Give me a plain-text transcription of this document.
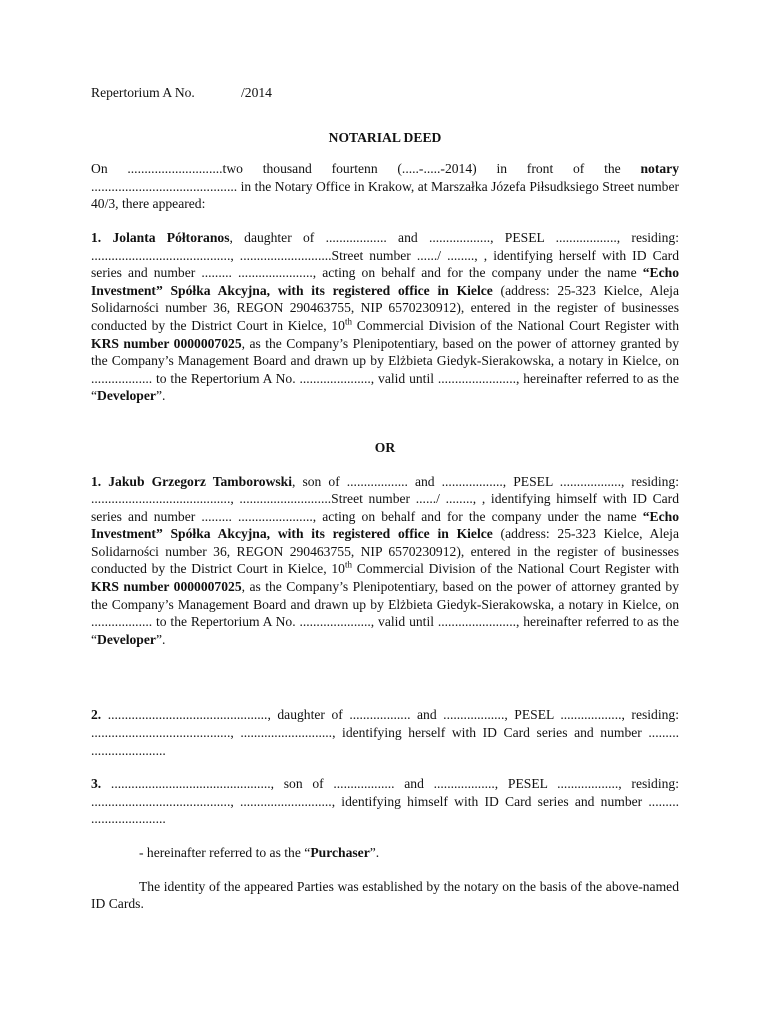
Repertorium A No.	/2014
NOTARIAL DEED

On ............................two thousand fourtenn (.....-.....-2014) in front of the notary ........................................... in the Notary Office in Krakow, at Marszałka Józefa Piłsudksiego Street number 40/3, there appeared:

1. Jolanta Półtoranos, daughter of .................. and .................., PESEL .................., residing: ........................................., ...........................Street number ....../ ........, , identifying herself with ID Card series and number ......... ......................, acting on behalf and for the company under the name “Echo Investment” Spółka Akcyjna, with its registered office in Kielce (address: 25-323 Kielce, Aleja Solidarności number 36, REGON 290463755, NIP 6570230912), entered in the register of businesses conducted by the District Court in Kielce, 10th Commercial Division of the National Court Register with KRS number 0000007025, as the Company’s Plenipotentiary, based on the power of attorney granted by the Company’s Management Board and drawn up by Elżbieta Giedyk-Sierakowska, a notary in Kielce, on .................. to the Repertorium A No. ....................., valid until ......................., hereinafter referred to as the “Developer”.

OR

1. Jakub Grzegorz Tamborowski, son of .................. and .................., PESEL .................., residing: ........................................., ...........................Street number ....../ ........, , identifying himself with ID Card series and number ......... ......................, acting on behalf and for the company under the name “Echo Investment” Spółka Akcyjna, with its registered office in Kielce (address: 25-323 Kielce, Aleja Solidarności number 36, REGON 290463755, NIP 6570230912), entered in the register of businesses conducted by the District Court in Kielce, 10th Commercial Division of the National Court Register with KRS number 0000007025, as the Company’s Plenipotentiary, based on the power of attorney granted by the Company’s Management Board and drawn up by Elżbieta Giedyk-Sierakowska, a notary in Kielce, on .................. to the Repertorium A No. ....................., valid until ......................., hereinafter referred to as the “Developer”.

2. ..............................................., daughter of .................. and .................., PESEL .................., residing: ........................................., ..........................., identifying herself with ID Card series and number ......... ......................

3. ..............................................., son of .................. and .................., PESEL .................., residing: ........................................., ..........................., identifying himself with ID Card series and number ......... ......................

- hereinafter referred to as the “Purchaser”.

The identity of the appeared Parties was established by the notary on the basis of the above-named ID Cards.
